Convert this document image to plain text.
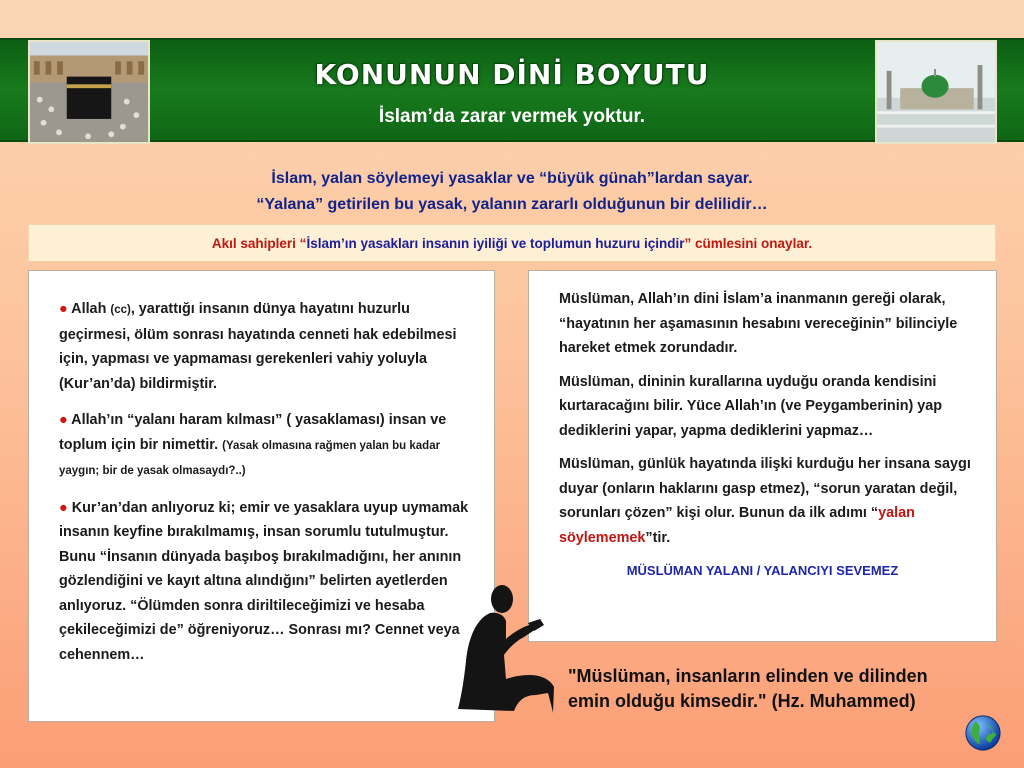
KONUNUN DİNİ BOYUTU
İslam’da zarar vermek yoktur.
İslam, yalan söylemeyi yasaklar ve “büyük günah”lardan sayar.
“Yalana” getirilen bu yasak, yalanın zararlı olduğunun bir delilidir…
Akıl sahipleri “İslam’ın yasakları insanın iyiliği ve toplumun huzuru içindir” cümlesini onaylar.

● Allah (cc), yarattığı insanın dünya hayatını huzurlu geçirmesi, ölüm sonrası hayatında cenneti hak edebilmesi için, yapması ve yapmaması gerekenleri vahiy yoluyla (Kur’an’da) bildirmiştir.

● Allah’ın “yalanı haram kılması” ( yasaklaması) insan ve toplum için bir nimettir. (Yasak olmasına rağmen yalan bu kadar yaygın; bir de yasak olmasaydı?..)

● Kur’an’dan anlıyoruz ki; emir ve yasaklara uyup uymamak insanın keyfine bırakılmamış, insan sorumlu tutulmuştur. Bunu “İnsanın dünyada başıboş bırakılmadığını, her anının gözlendiğini ve kayıt altına alındığını” belirten ayetlerden anlıyoruz. “Ölümden sonra diriltileceğimizi ve hesaba çekileceğimizi de” öğreniyoruz… Sonrası mı? Cennet veya cehennem…

Müslüman, Allah’ın dini İslam’a inanmanın gereği olarak, “hayatının her aşamasının hesabını vereceğinin” bilinciyle hareket etmek zorundadır.

Müslüman, dininin kurallarına uyduğu oranda kendisini kurtaracağını bilir. Yüce Allah’ın (ve Peygamberinin) yap dediklerini yapar, yapma dediklerini yapmaz…

Müslüman, günlük hayatında ilişki kurduğu her insana saygı duyar (onların haklarını gasp etmez), “sorun yaratan değil, sorunları çözen” kişi olur. Bunun da ilk adımı “yalan söylememek”tir.

MÜSLÜMAN YALANI / YALANCIYI SEVEMEZ
"Müslüman, insanların elinden ve dilinden
emin olduğu kimsedir." (Hz. Muhammed)
